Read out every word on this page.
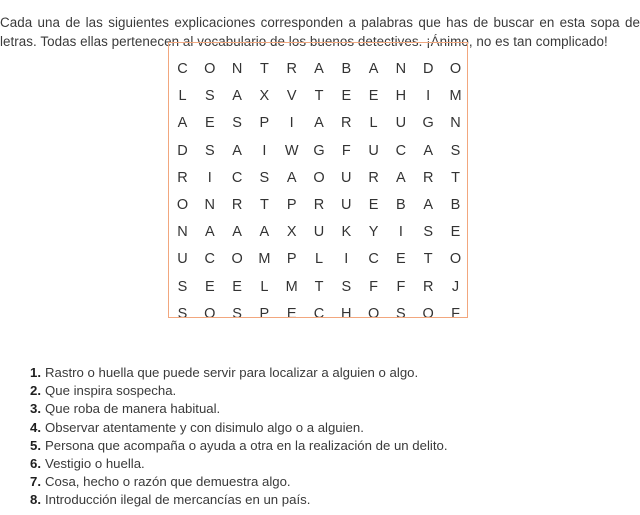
Cada una de las siguientes explicaciones corresponden a palabras que has de buscar en esta sopa de letras. Todas ellas pertenecen al vocabulario de los buenos detectives. ¡Ánimo, no es tan complicado!

C	O	N	T	R	A	B	A	N	D	O
L	S	A	X	V	T	E	E	H	I	M
A	E	S	P	I	A	R	L	U	G	N
D	S	A	I	W	G	F	U	C	A	S
R	I	C	S	A	O	U	R	A	R	T
O	N	R	T	P	R	U	E	B	A	B
N	A	A	A	X	U	K	Y	I	S	E
U	C	O	M	P	L	I	C	E	T	O
S	E	E	L	M	T	S	F	F	R	J
S	O	S	P	E	C	H	O	S	O	F
1. Rastro o huella que puede servir para localizar a alguien o algo.
2. Que inspira sospecha.
3. Que roba de manera habitual.
4. Observar atentamente y con disimulo algo o a alguien.
5. Persona que acompaña o ayuda a otra en la realización de un delito.
6. Vestigio o huella.
7. Cosa, hecho o razón que demuestra algo.
8. Introducción ilegal de mercancías en un país.
